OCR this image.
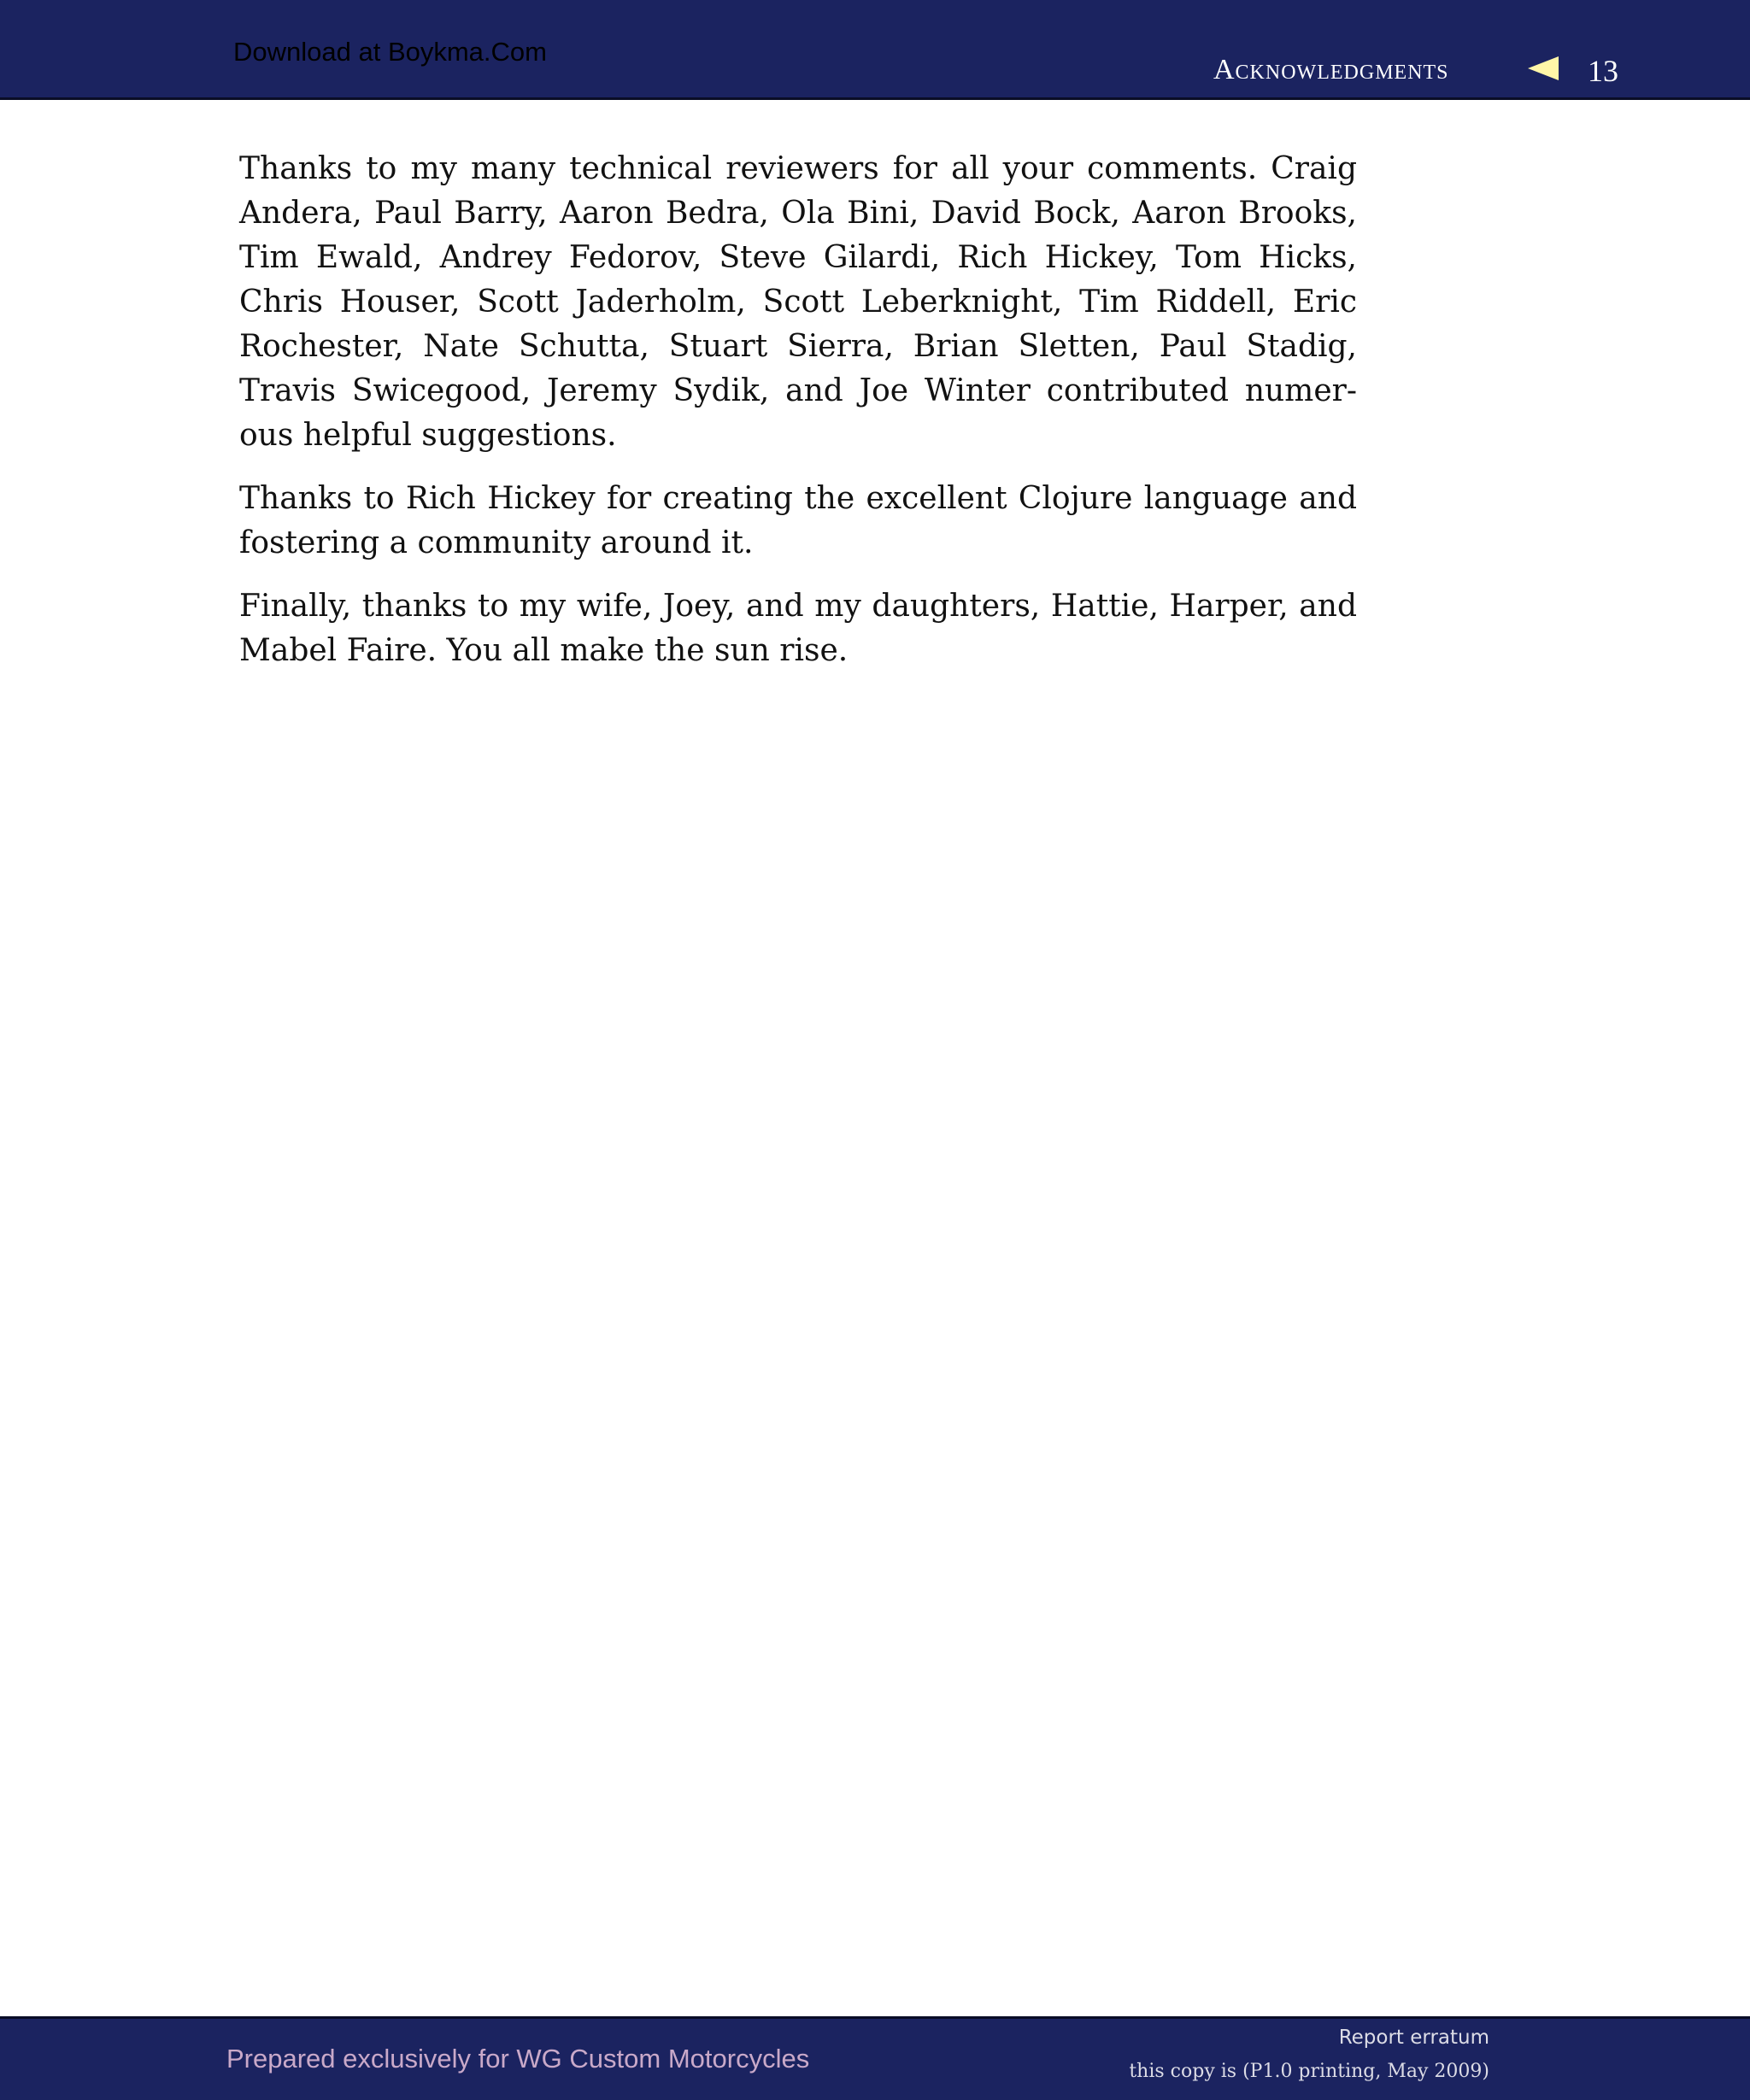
Download at Boykma.Com
Acknowledgments	13

Thanks to my many technical reviewers for all your comments. Craig Andera, Paul Barry, Aaron Bedra, Ola Bini, David Bock, Aaron Brooks, Tim Ewald, Andrey Fedorov, Steve Gilardi, Rich Hickey, Tom Hicks, Chris Houser, Scott Jaderholm, Scott Leberknight, Tim Riddell, Eric Rochester, Nate Schutta, Stuart Sierra, Brian Sletten, Paul Stadig, Travis Swicegood, Jeremy Sydik, and Joe Winter contributed numer-ous helpful suggestions.

Thanks to Rich Hickey for creating the excellent Clojure language and fostering a community around it.

Finally, thanks to my wife, Joey, and my daughters, Hattie, Harper, and Mabel Faire. You all make the sun rise.

Prepared exclusively for WG Custom Motorcycles
Report erratum
this copy is (P1.0 printing, May 2009)
